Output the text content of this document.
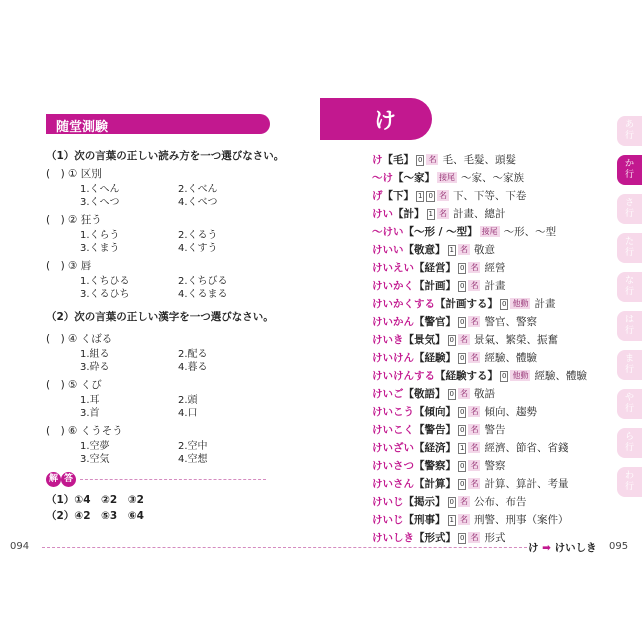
随堂測験
（1）次の言葉の正しい読み方を一つ選びなさい。
(　) ① 区別
1.くへん	2.くべん
3.くへつ	4.くべつ
(　) ② 狂う
1.くらう	2.くるう
3.くまう	4.くすう
(　) ③ 唇
1.くちひる	2.くちびる
3.くるひち	4.くるまる
（2）次の言葉の正しい漢字を一つ選びなさい。
(　) ④ くばる
1.組る	2.配る
3.砕る	4.暮る
(　) ⑤ くび
1.耳	2.頭
3.首	4.口
(　) ⑥ くうそう
1.空夢	2.空中
3.空気	4.空想
解 答
（1）①4　②2　③2
（2）④2　⑤3　⑥4
094	け ➡ けいしき 095
け
け【毛】 0 名 毛、毛髮、頭髮
～け【～家】 接尾 ～家、～家族
げ【下】 1 0 名 下、下等、下卷
けい【計】 1 名 計畫、總計
～けい【～形 / ～型】 接尾 ～形、～型
けいい【敬意】 1 名 敬意
けいえい【経営】 0 名 經營
けいかく【計画】 0 名 計畫
けいかくする【計画する】 0 他動 計畫
けいかん【警官】 0 名 警官、警察
けいき【景気】 0 名 景氣、繁榮、振奮
けいけん【経験】 0 名 經驗、體驗
けいけんする【経験する】 0 他動 經驗、體驗
けいご【敬語】 0 名 敬語
けいこう【傾向】 0 名 傾向、趨勢
けいこく【警告】 0 名 警告
けいざい【経済】 1 名 經濟、節省、省錢
けいさつ【警察】 0 名 警察
けいさん【計算】 0 名 計算、算計、考量
けいじ【掲示】 0 名 公布、布告
けいじ【刑事】 1 名 刑警、刑事（案件）
けいしき【形式】 0 名 形式
あ行
か行
さ行
た行
な行
は行
ま行
や行
ら行
わ行
